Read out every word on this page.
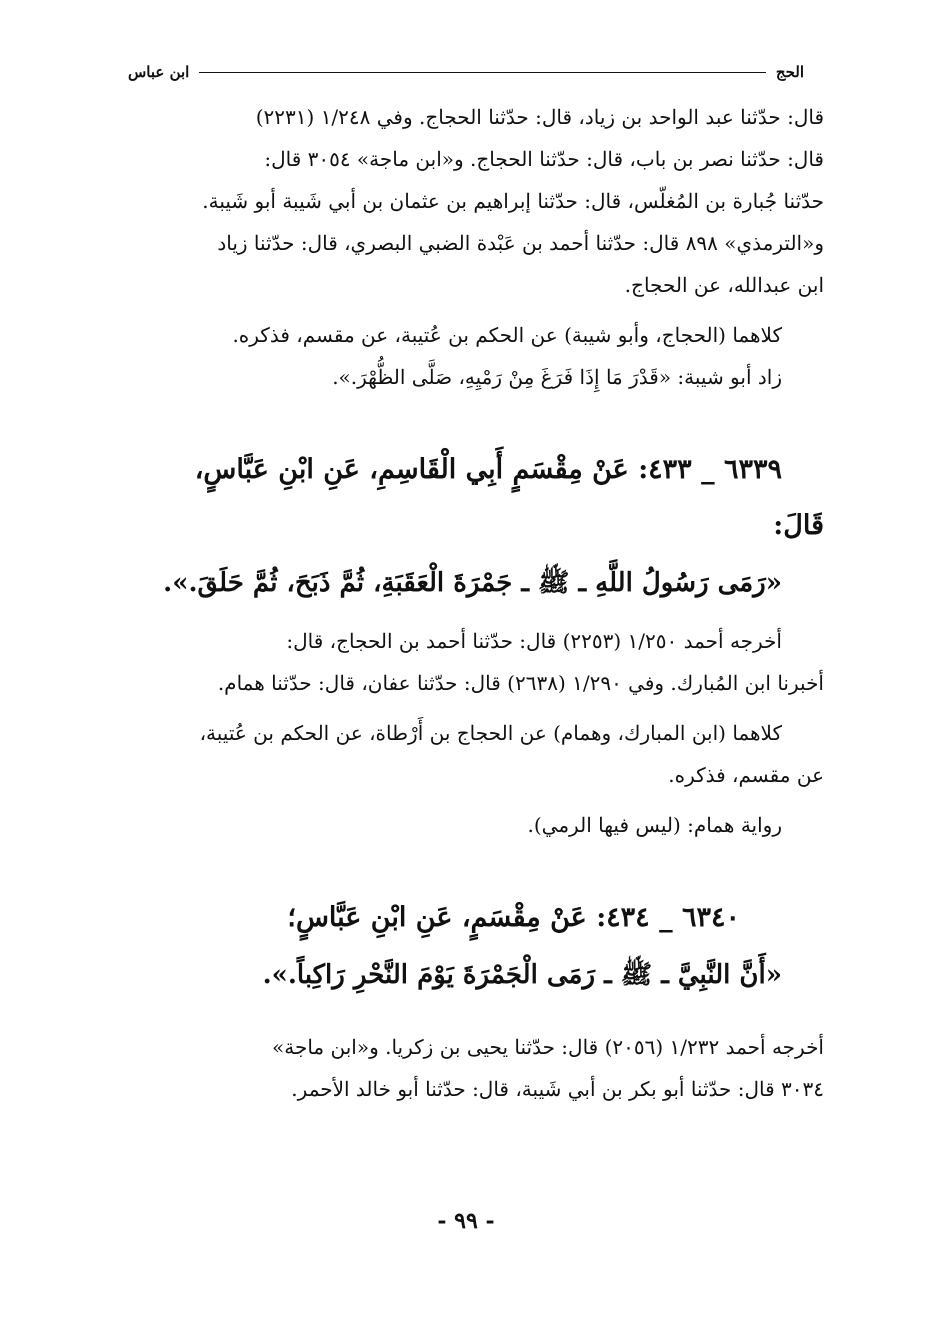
الحج
ابن عباس

قال: حدّثنا عبد الواحد بن زياد، قال: حدّثنا الحجاج. وفي ١/٢٤٨ (٢٢٣١)

قال: حدّثنا نصر بن باب، قال: حدّثنا الحجاج. و«ابن ماجة» ٣٠٥٤ قال:

حدّثنا جُبارة بن المُغلّس، قال: حدّثنا إبراهيم بن عثمان بن أبي شَيبة أبو شَيبة.

و«الترمذي» ٨٩٨ قال: حدّثنا أحمد بن عَبْدة الضبي البصري، قال: حدّثنا زياد

ابن عبدالله، عن الحجاج.

كلاهما (الحجاج، وأبو شيبة) عن الحكم بن عُتيبة، عن مقسم، فذكره.

زاد أبو شيبة: «قَدْرَ مَا إِذَا فَرَغَ مِنْ رَمْيِهِ، صَلَّى الظُّهْرَ.».

٦٣٣٩ _ ٤٣٣: عَنْ مِقْسَمٍ أَبِي الْقَاسِمِ، عَنِ ابْنِ عَبَّاسٍ،

قَالَ:

«رَمَى رَسُولُ اللَّهِ ـ ﷺ ـ جَمْرَةَ الْعَقَبَةِ، ثُمَّ ذَبَحَ، ثُمَّ حَلَقَ.».

أخرجه أحمد ١/٢٥٠ (٢٢٥٣) قال: حدّثنا أحمد بن الحجاج، قال:

أخبرنا ابن المُبارك. وفي ١/٢٩٠ (٢٦٣٨) قال: حدّثنا عفان، قال: حدّثنا همام.

كلاهما (ابن المبارك، وهمام) عن الحجاج بن أَرْطاة، عن الحكم بن عُتيبة،

عن مقسم، فذكره.

رواية همام: (ليس فيها الرمي).

٦٣٤٠ _ ٤٣٤: عَنْ مِقْسَمٍ، عَنِ ابْنِ عَبَّاسٍ؛

«أَنَّ النَّبِيَّ ـ ﷺ ـ رَمَى الْجَمْرَةَ يَوْمَ النَّحْرِ رَاكِباً.».

أخرجه أحمد ١/٢٣٢ (٢٠٥٦) قال: حدّثنا يحيى بن زكريا. و«ابن ماجة»

٣٠٣٤ قال: حدّثنا أبو بكر بن أبي شَيبة، قال: حدّثنا أبو خالد الأحمر.

- ٩٩ -
